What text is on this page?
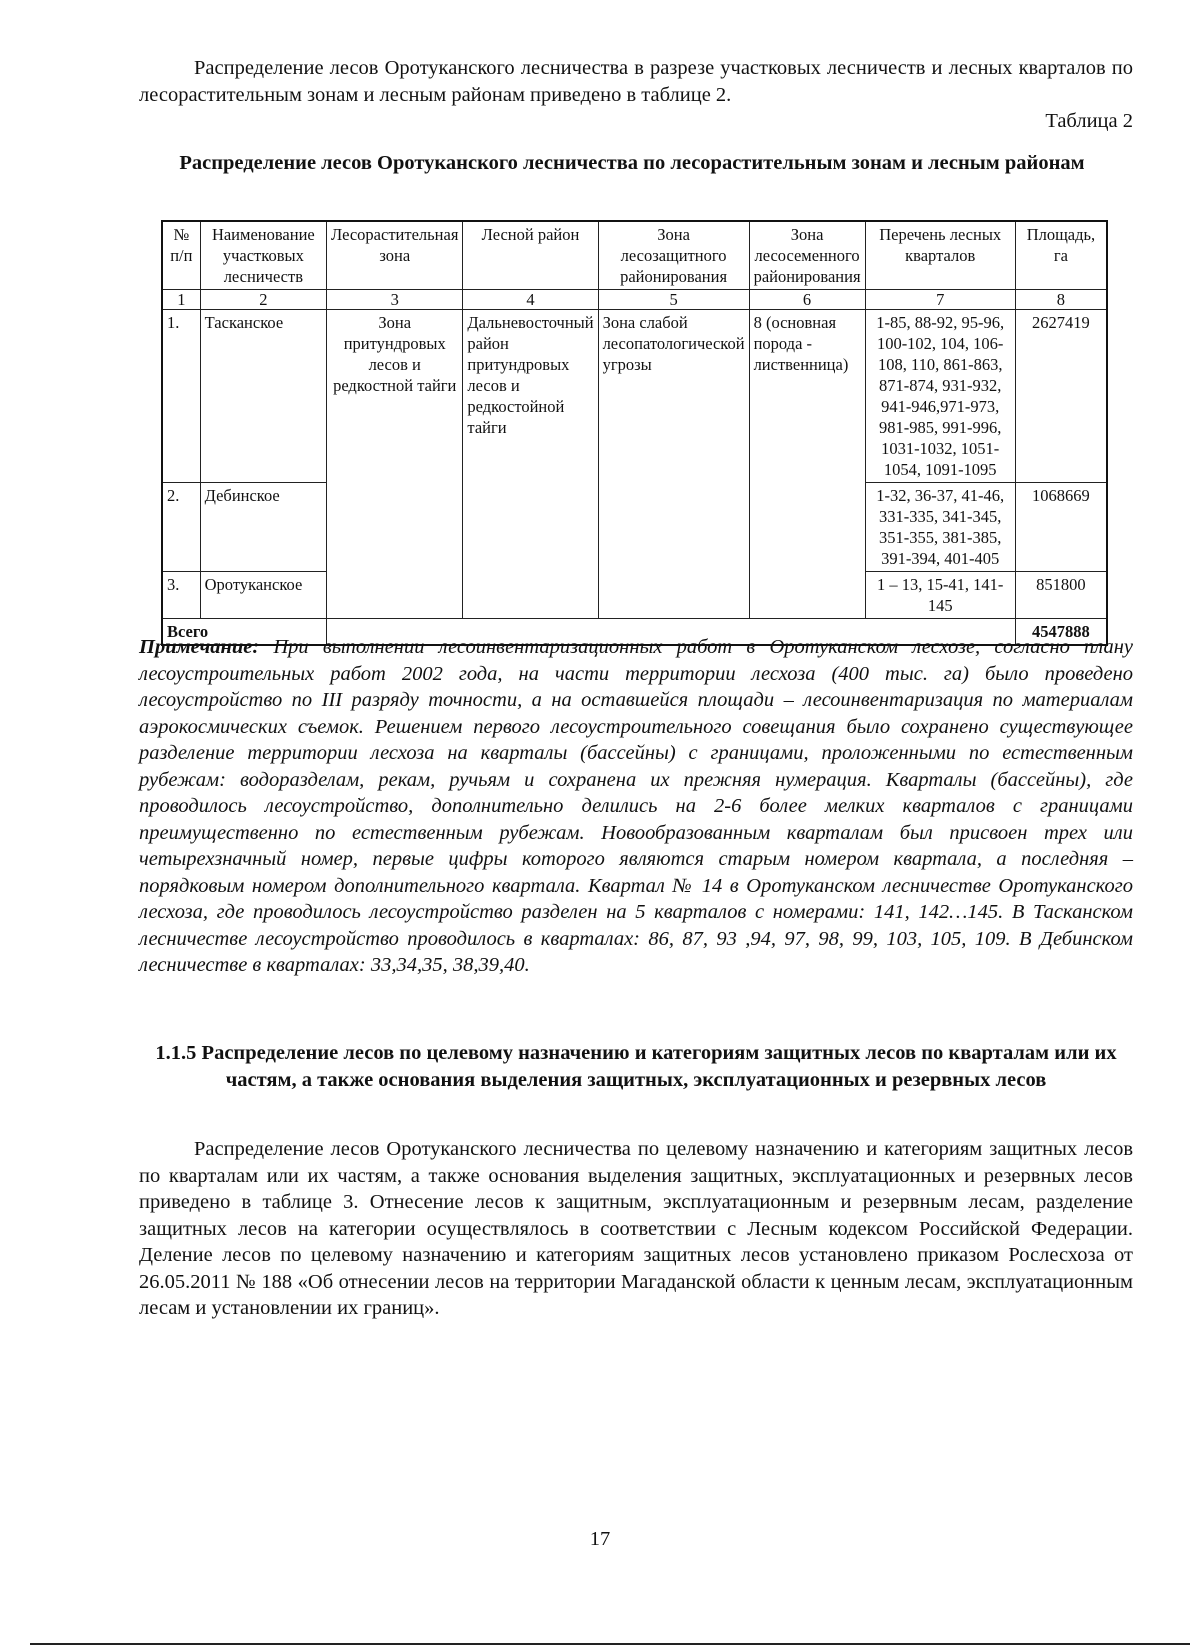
Распределение лесов Оротуканского лесничества в разрезе участковых лесничеств и лесных кварталов по лесорастительным зонам и лесным районам приведено в таблице 2.

Таблица 2

Распределение лесов Оротуканского лесничества по лесорастительным зонам и лесным районам

№ п/п	Наименование участковых лесничеств	Лесорастительная зона	Лесной район	Зона лесозащитного районирования	Зона лесосеменного районирования	Перечень лесных кварталов	Площадь, га
1	2	3	4	5	6	7	8
1.	Тасканское	Зона притундровых лесов и редкостной тайги	Дальневосточный район притундровых лесов и редкостойной тайги	Зона слабой лесопатологической угрозы	8 (основная порода - лиственница)	1-85, 88-92, 95-96, 100-102, 104, 106-108, 110, 861-863, 871-874, 931-932, 941-946,971-973, 981-985, 991-996, 1031-1032, 1051-1054, 1091-1095	2627419
2.	Дебинское					1-32, 36-37, 41-46, 331-335, 341-345, 351-355, 381-385, 391-394, 401-405	1068669
3.	Оротуканское					1 – 13, 15-41, 141-145	851800
Всего							4547888

Примечание: При выполнении лесоинвентаризационных работ в Оротуканском лесхозе, согласно плану лесоустроительных работ 2002 года, на части территории лесхоза (400 тыс. га) было проведено лесоустройство по III разряду точности, а на оставшейся площади – лесоинвентаризация по материалам аэрокосмических съемок. Решением первого лесоустроительного совещания было сохранено существующее разделение территории лесхоза на кварталы (бассейны) с границами, проложенными по естественным рубежам: водоразделам, рекам, ручьям и сохранена их прежняя нумерация. Кварталы (бассейны), где проводилось лесоустройство, дополнительно делились на 2-6 более мелких кварталов с границами преимущественно по естественным рубежам. Новообразованным кварталам был присвоен трех или четырехзначный номер, первые цифры которого являются старым номером квартала, а последняя – порядковым номером дополнительного квартала. Квартал № 14 в Оротуканском лесничестве Оротуканского лесхоза, где проводилось лесоустройство разделен на 5 кварталов с номерами: 141, 142…145. В Тасканском лесничестве лесоустройство проводилось в кварталах: 86, 87, 93 ,94, 97, 98, 99, 103, 105, 109. В Дебинском лесничестве в кварталах: 33,34,35, 38,39,40.

1.1.5 Распределение лесов по целевому назначению и категориям защитных лесов по кварталам или их частям, а также основания выделения защитных, эксплуатационных и резервных лесов

Распределение лесов Оротуканского лесничества по целевому назначению и категориям защитных лесов по кварталам или их частям, а также основания выделения защитных, эксплуатационных и резервных лесов приведено в таблице 3. Отнесение лесов к защитным, эксплуатационным и резервным лесам, разделение защитных лесов на категории осуществлялось в соответствии с Лесным кодексом Российской Федерации. Деление лесов по целевому назначению и категориям защитных лесов установлено приказом Рослесхоза от 26.05.2011 № 188 «Об отнесении лесов на территории Магаданской области к ценным лесам, эксплуатационным лесам и установлении их границ».

17
